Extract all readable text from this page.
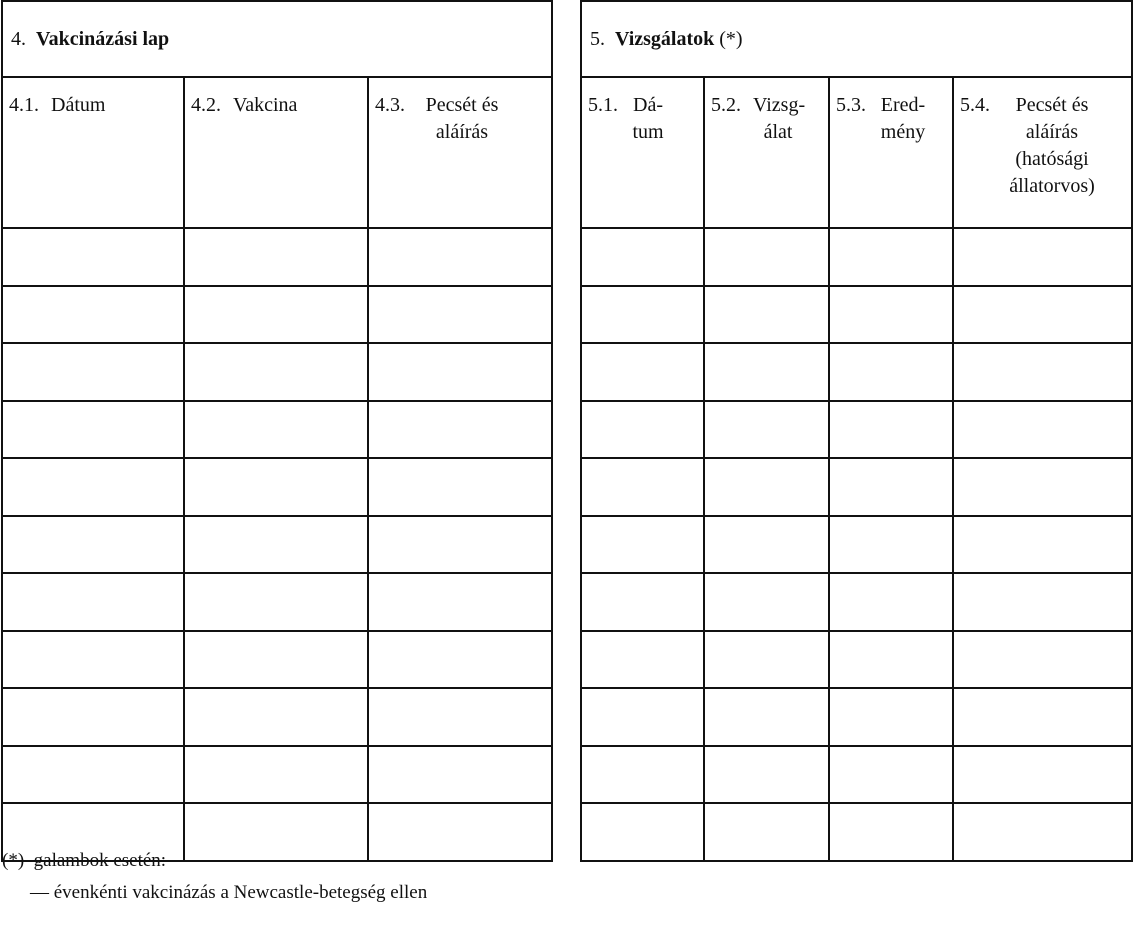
4. Vakcinázási lap		

4.1. Dátum	4.2. Vakcina	4.3. Pecsét és aláírás

5. Vizsgálatok (*)			

5.1. Dá-tum	5.2. Vizsg-álat	5.3. Ered-mény	5.4. Pecsét és aláírás (hatósági állatorvos)

(*) galambok esetén:
— évenkénti vakcinázás a Newcastle-betegség ellen
